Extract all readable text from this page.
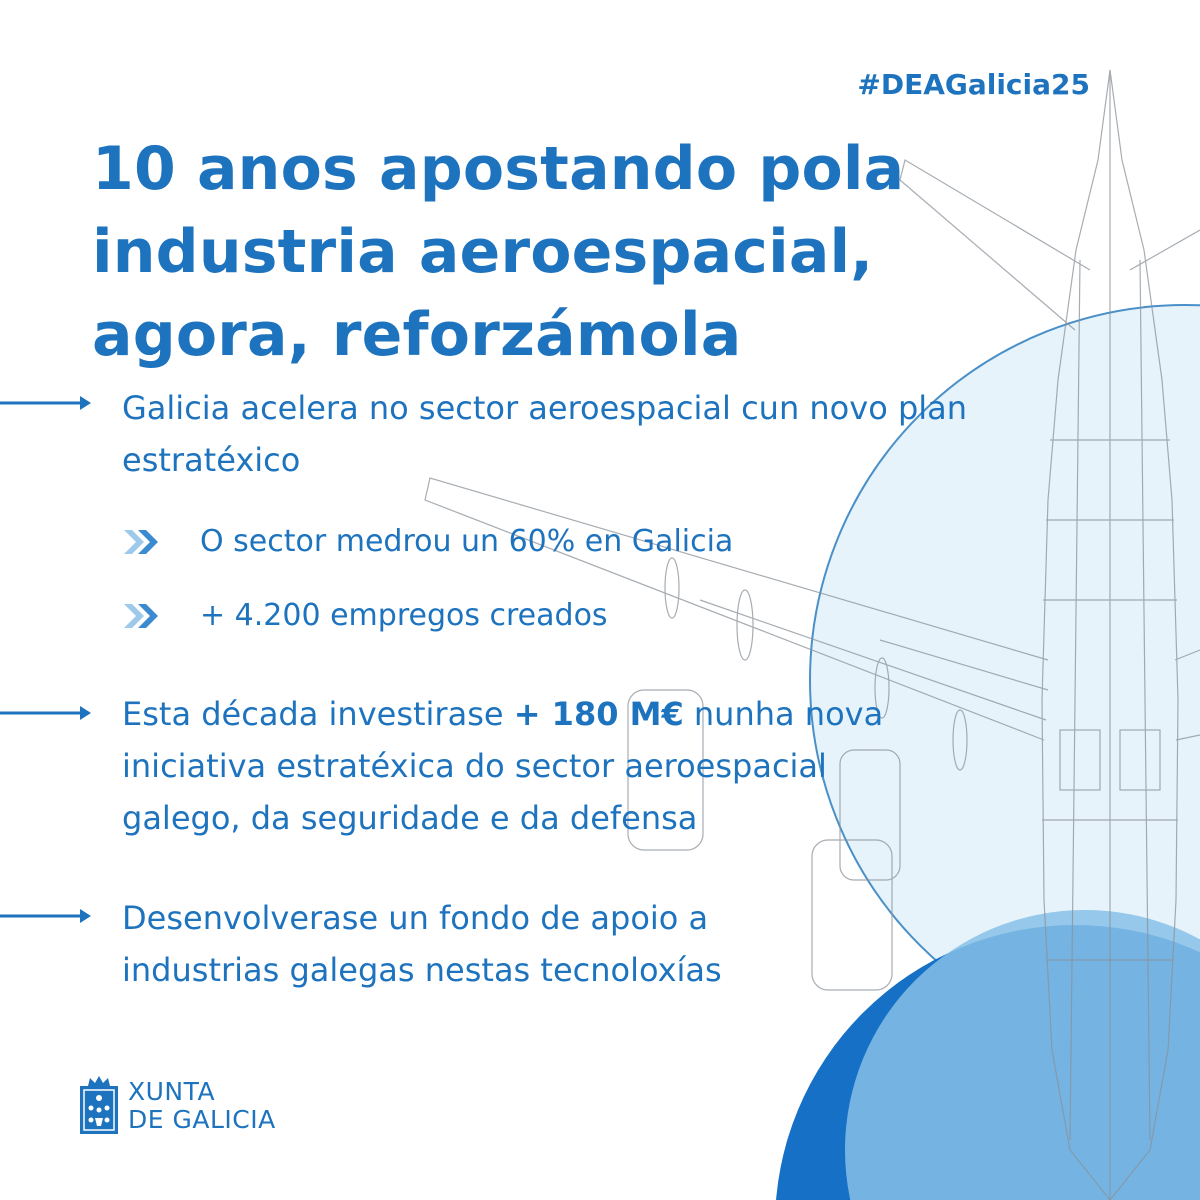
#DEAGalicia25
10 anos apostando pola industria aeroespacial, agora, reforzámola

Galicia acelera no sector aeroespacial cun novo plan estratéxico

O sector medrou un 60% en Galicia
+ 4.200 empregos creados

Esta década investirase + 180 M€ nunha nova iniciativa estratéxica do sector aeroespacial galego, da seguridade e da defensa

Desenvolverase un fondo de apoio a industrias galegas nestas tecnoloxías

XUNTA
DE GALICIA
